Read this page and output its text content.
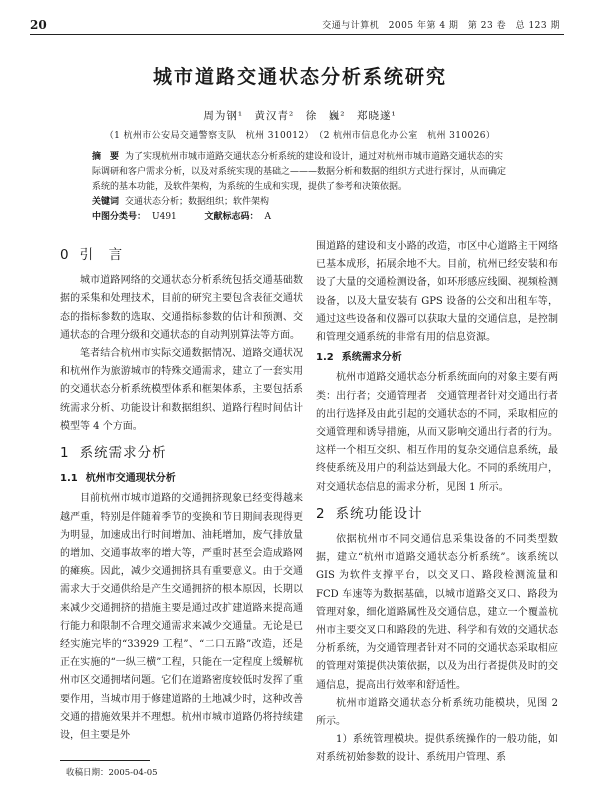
20	交通与计算机　2005 年第 4 期　第 23 卷　总 123 期
城市道路交通状态分析系统研究
周为钢¹　黄汉青²　徐　巍²　郑晓遂¹
（1 杭州市公安局交通警察支队　杭州 310012）　（2 杭州市信息化办公室　杭州 310026）

摘　要 为了实现杭州市城市道路交通状态分析系统的建设和设计，通过对杭州市城市道路交通状态的实际调研和客户需求分析，以及对系统实现的基础之———数据分析和数据的组织方式进行探讨，从而确定系统的基本功能，及软件架构，为系统的生成和实现，提供了参考和决策依据。

关键词 交通状态分析；数据组织；软件架构

中图分类号： U491	文献标志码： A

0 引　言

城市道路网络的交通状态分析系统包括交通基础数据的采集和处理技术，目前的研究主要包含表征交通状态的指标参数的选取、交通指标参数的估计和预测、交通状态的合理分级和交通状态的自动判别算法等方面。

笔者结合杭州市实际交通数据情况、道路交通状况和杭州作为旅游城市的特殊交通需求，建立了一套实用的交通状态分析系统模型体系和框架体系，主要包括系统需求分析、功能设计和数据组织、道路行程时间估计模型等 4 个方面。

1 系统需求分析
1.1 杭州市交通现状分析

目前杭州市城市道路的交通拥挤现象已经变得越来越严重，特别是伴随着季节的变换和节日期间表现得更为明显，加速成出行时间增加、油耗增加，废气排放量的增加、交通事故率的增大等，严重时甚至会造成路网的瘫痪。因此，减少交通拥挤具有重要意义。由于交通需求大于交通供给是产生交通拥挤的根本原因，长期以来减少交通拥挤的措施主要是通过改扩建道路来提高通行能力和限制不合理交通需求来减少交通量。无论是已经实施完毕的“33929 工程”、“二口五路”改造，还是正在实施的“一纵三横”工程，只能在一定程度上缓解杭州市区交通拥堵问题。它们在道路密度较低时发挥了重要作用，当城市用于修建道路的土地减少时，这种改善交通的措施效果并不理想。杭州市城市道路仍将持续建设，但主要是外

围道路的建设和支小路的改造，市区中心道路主干网络已基本成形，拓展余地不大。目前，杭州已经安装和布设了大量的交通检测设备，如环形感应线圈、视频检测设备，以及大量安装有 GPS 设备的公交和出租车等，通过这些设备和仪器可以获取大量的交通信息，是控制和管理交通系统的非常有用的信息资源。

1.2 系统需求分析

杭州市道路交通状态分析系统面向的对象主要有两类：出行者；交通管理者　交通管理者针对交通出行者的出行选择及由此引起的交通状态的不同，采取相应的交通管理和诱导措施，从而又影响交通出行者的行为。这样一个相互交织、相互作用的复杂交通信息系统，最终使系统及用户的利益达到最大化。不同的系统用户，对交通状态信息的需求分析，见图 1 所示。

2 系统功能设计

依据杭州市不同交通信息采集设备的不同类型数据，建立“杭州市道路交通状态分析系统”。该系统以 GIS 为软件支撑平台，以交叉口、路段检测流量和 FCD 车速等为数据基础，以城市道路交叉口、路段为管理对象，细化道路属性及交通信息，建立一个覆盖杭州市主要交叉口和路段的先进、科学和有效的交通状态分析系统，为交通管理者针对不同的交通状态采取相应的管理对策提供决策依据，以及为出行者提供及时的交通信息，提高出行效率和舒适性。

杭州市道路交通状态分析系统功能模块，见图 2 所示。

1）系统管理模块。提供系统操作的一般功能，如对系统初始参数的设计、系统用户管理、系

收稿日期：2005-04-05
